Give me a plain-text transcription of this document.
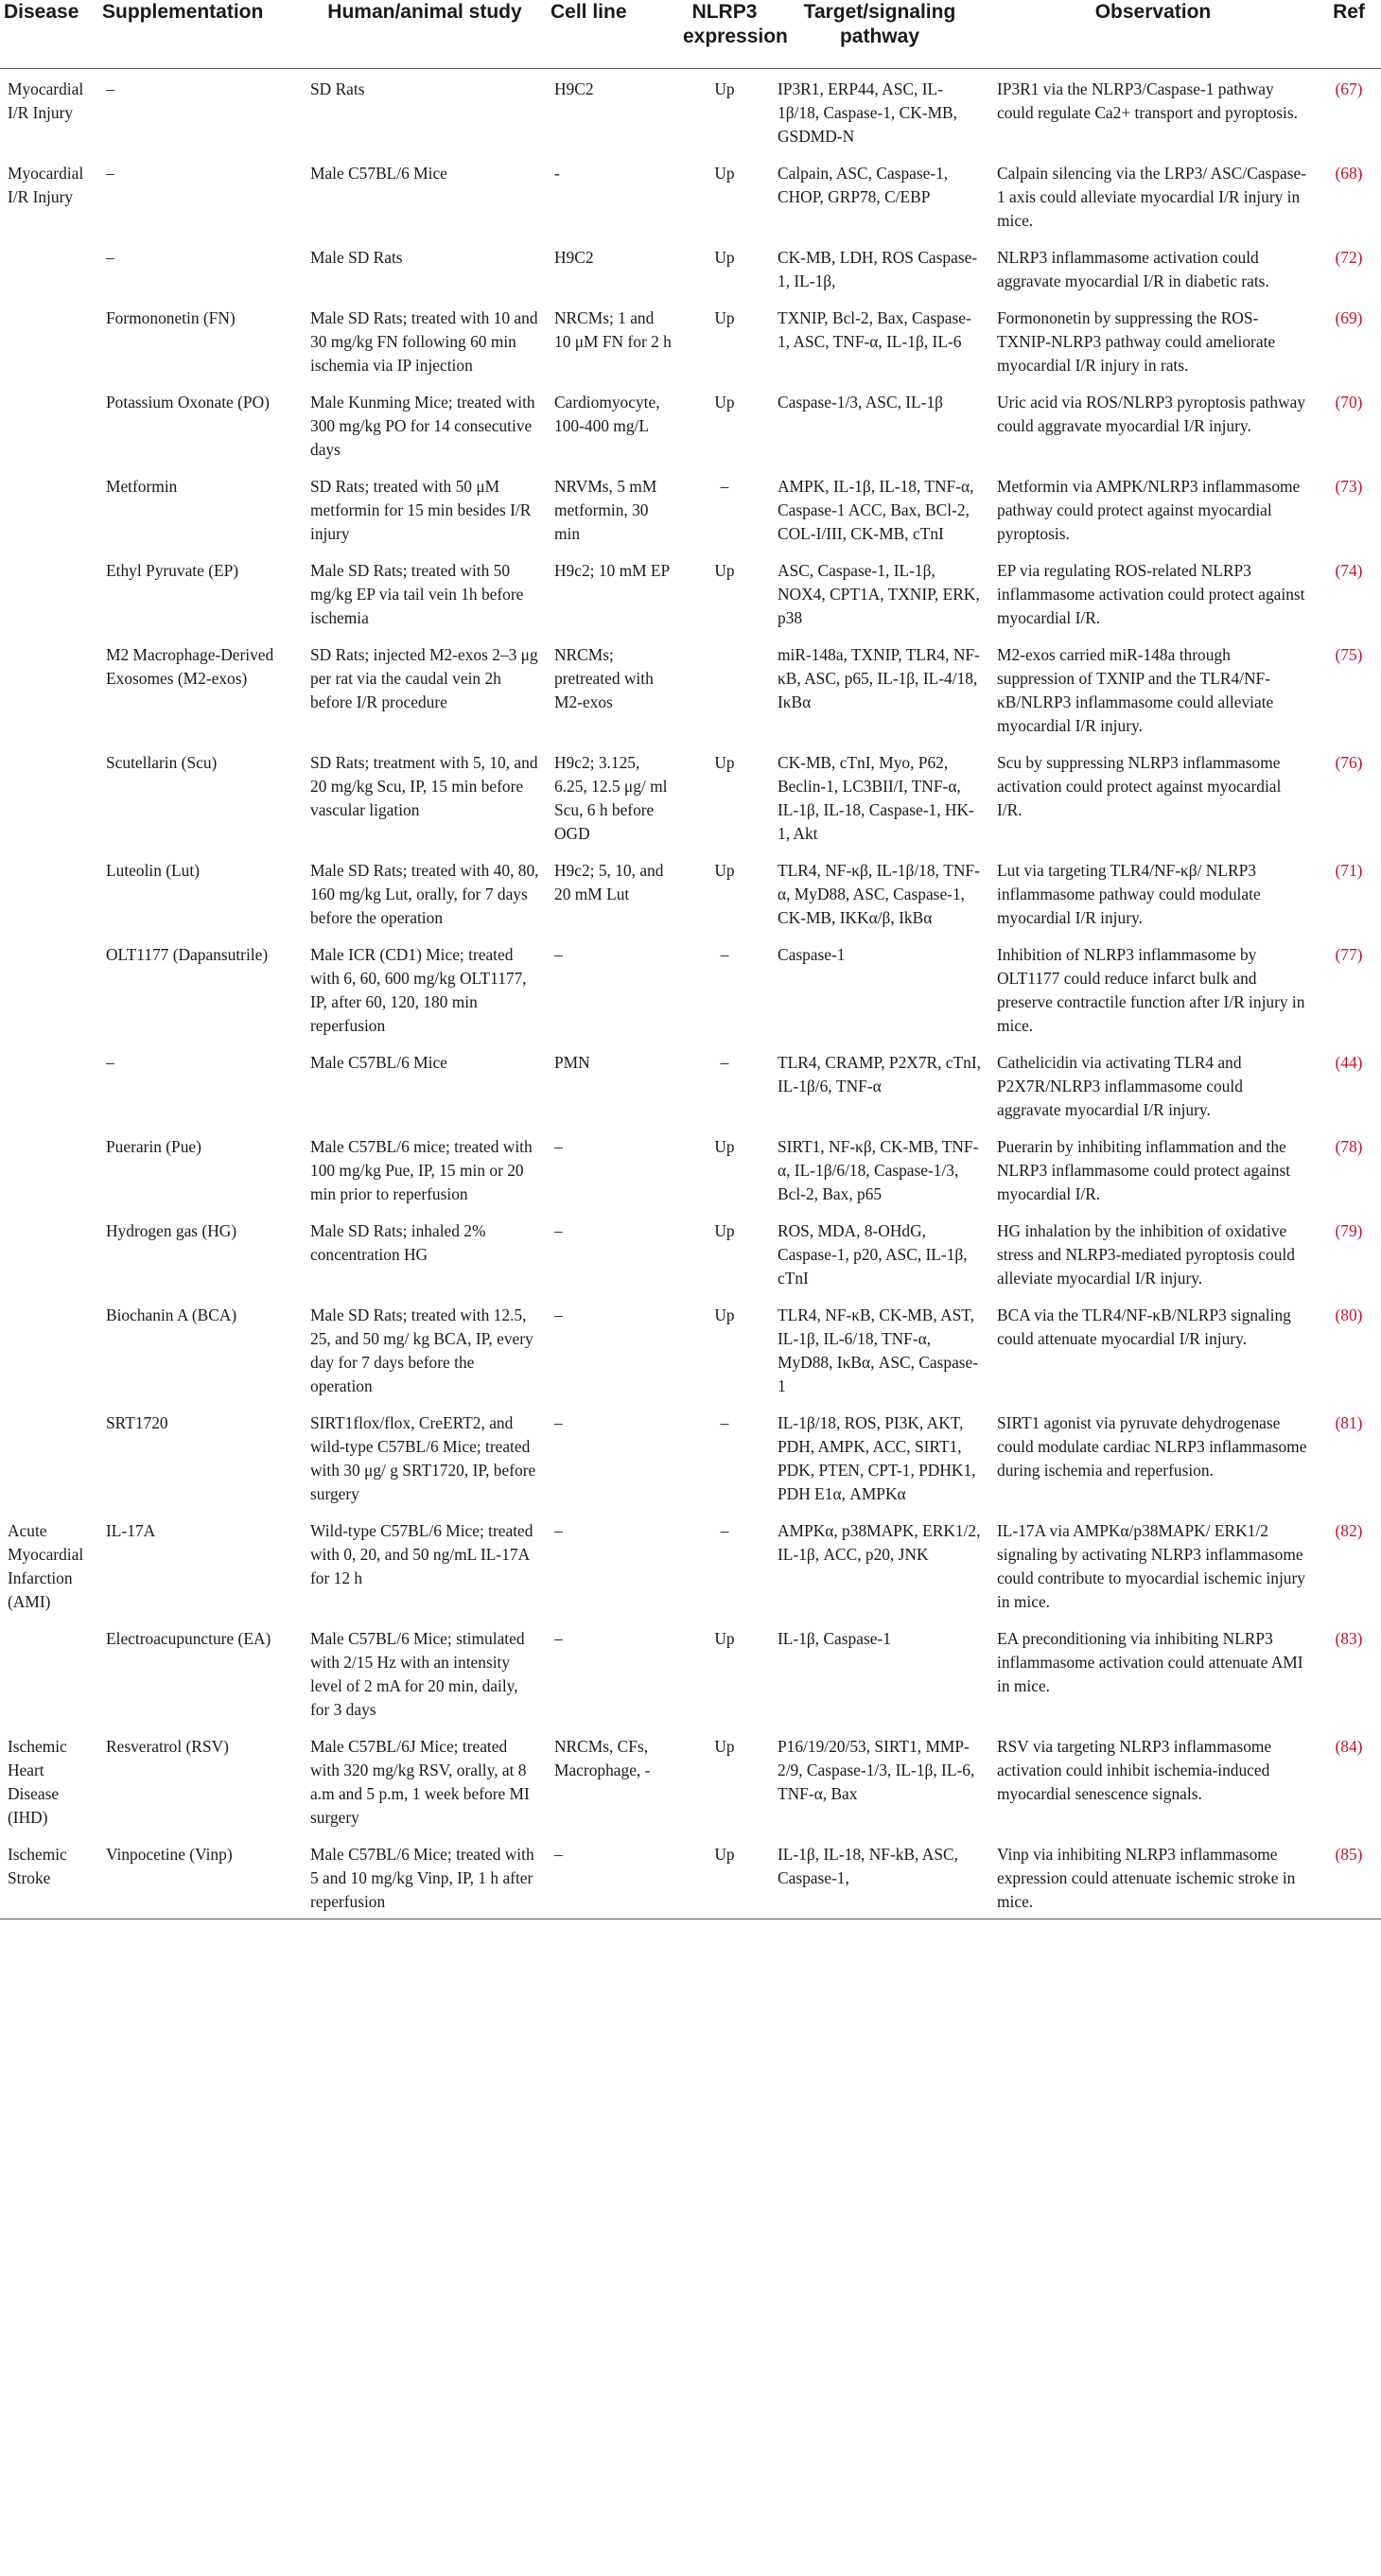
Disease	Supplementation	Human/animal study	Cell line	NLRP3 expression	Target/signaling pathway	Observation	Ref
Myocardial I/R Injury	–	SD Rats	H9C2	Up	IP3R1, ERP44, ASC, IL-1β/18, Caspase-1, CK-MB, GSDMD-N	IP3R1 via the NLRP3/Caspase-1 pathway could regulate Ca2+ transport and pyroptosis.	(67)
Myocardial I/R Injury	–	Male C57BL/6 Mice	-	Up	Calpain, ASC, Caspase-1, CHOP, GRP78, C/EBP	Calpain silencing via the LRP3/ ASC/Caspase-1 axis could alleviate myocardial I/R injury in mice.	(68)
	–	Male SD Rats	H9C2	Up	CK-MB, LDH, ROS Caspase-1, IL-1β,	NLRP3 inflammasome activation could aggravate myocardial I/R in diabetic rats.	(72)
	Formononetin (FN)	Male SD Rats; treated with 10 and 30 mg/kg FN following 60 min ischemia via IP injection	NRCMs; 1 and 10 μM FN for 2 h	Up	TXNIP, Bcl-2, Bax, Caspase-1, ASC, TNF-α, IL-1β, IL-6	Formononetin by suppressing the ROS-TXNIP-NLRP3 pathway could ameliorate myocardial I/R injury in rats.	(69)
	Potassium Oxonate (PO)	Male Kunming Mice; treated with 300 mg/kg PO for 14 consecutive days	Cardiomyocyte, 100-400 mg/L	Up	Caspase-1/3, ASC, IL-1β	Uric acid via ROS/NLRP3 pyroptosis pathway could aggravate myocardial I/R injury.	(70)
	Metformin	SD Rats; treated with 50 μM metformin for 15 min besides I/R injury	NRVMs, 5 mM metformin, 30 min	–	AMPK, IL-1β, IL-18, TNF-α, Caspase-1 ACC, Bax, BCl-2, COL-I/III, CK-MB, cTnI	Metformin via AMPK/NLRP3 inflammasome pathway could protect against myocardial pyroptosis.	(73)
	Ethyl Pyruvate (EP)	Male SD Rats; treated with 50 mg/kg EP via tail vein 1h before ischemia	H9c2; 10 mM EP	Up	ASC, Caspase-1, IL-1β, NOX4, CPT1A, TXNIP, ERK, p38	EP via regulating ROS-related NLRP3 inflammasome activation could protect against myocardial I/R.	(74)
	M2 Macrophage-Derived Exosomes (M2-exos)	SD Rats; injected M2-exos 2–3 μg per rat via the caudal vein 2h before I/R procedure	NRCMs; pretreated with M2-exos		miR-148a, TXNIP, TLR4, NF-κB, ASC, p65, IL-1β, IL-4/18, IκBα	M2-exos carried miR-148a through suppression of TXNIP and the TLR4/NF-κB/NLRP3 inflammasome could alleviate myocardial I/R injury.	(75)
	Scutellarin (Scu)	SD Rats; treatment with 5, 10, and 20 mg/kg Scu, IP, 15 min before vascular ligation	H9c2; 3.125, 6.25, 12.5 μg/ ml Scu, 6 h before OGD	Up	CK-MB, cTnI, Myo, P62, Beclin-1, LC3BII/I, TNF-α, IL-1β, IL-18, Caspase-1, HK-1, Akt	Scu by suppressing NLRP3 inflammasome activation could protect against myocardial I/R.	(76)
	Luteolin (Lut)	Male SD Rats; treated with 40, 80, 160 mg/kg Lut, orally, for 7 days before the operation	H9c2; 5, 10, and 20 mM Lut	Up	TLR4, NF-κβ, IL-1β/18, TNF-α, MyD88, ASC, Caspase-1, CK-MB, IKKα/β, IkBα	Lut via targeting TLR4/NF-κβ/ NLRP3 inflammasome pathway could modulate myocardial I/R injury.	(71)
	OLT1177 (Dapansutrile)	Male ICR (CD1) Mice; treated with 6, 60, 600 mg/kg OLT1177, IP, after 60, 120, 180 min reperfusion	–	–	Caspase-1	Inhibition of NLRP3 inflammasome by OLT1177 could reduce infarct bulk and preserve contractile function after I/R injury in mice.	(77)
	–	Male C57BL/6 Mice	PMN	–	TLR4, CRAMP, P2X7R, cTnI, IL-1β/6, TNF-α	Cathelicidin via activating TLR4 and P2X7R/NLRP3 inflammasome could aggravate myocardial I/R injury.	(44)
	Puerarin (Pue)	Male C57BL/6 mice; treated with 100 mg/kg Pue, IP, 15 min or 20 min prior to reperfusion	–	Up	SIRT1, NF-κβ, CK-MB, TNF-α, IL-1β/6/18, Caspase-1/3, Bcl-2, Bax, p65	Puerarin by inhibiting inflammation and the NLRP3 inflammasome could protect against myocardial I/R.	(78)
	Hydrogen gas (HG)	Male SD Rats; inhaled 2% concentration HG	–	Up	ROS, MDA, 8-OHdG, Caspase-1, p20, ASC, IL-1β, cTnI	HG inhalation by the inhibition of oxidative stress and NLRP3-mediated pyroptosis could alleviate myocardial I/R injury.	(79)
	Biochanin A (BCA)	Male SD Rats; treated with 12.5, 25, and 50 mg/ kg BCA, IP, every day for 7 days before the operation	–	Up	TLR4, NF-κB, CK-MB, AST, IL-1β, IL-6/18, TNF-α, MyD88, IκBα, ASC, Caspase-1	BCA via the TLR4/NF-κB/NLRP3 signaling could attenuate myocardial I/R injury.	(80)
	SRT1720	SIRT1flox/flox, CreERT2, and wild-type C57BL/6 Mice; treated with 30 μg/ g SRT1720, IP, before surgery	–	–	IL-1β/18, ROS, PI3K, AKT, PDH, AMPK, ACC, SIRT1, PDK, PTEN, CPT-1, PDHK1, PDH E1α, AMPKα	SIRT1 agonist via pyruvate dehydrogenase could modulate cardiac NLRP3 inflammasome during ischemia and reperfusion.	(81)
Acute Myocardial Infarction (AMI)	IL-17A	Wild-type C57BL/6 Mice; treated with 0, 20, and 50 ng/mL IL-17A for 12 h	–	–	AMPKα, p38MAPK, ERK1/2, IL-1β, ACC, p20, JNK	IL-17A via AMPKα/p38MAPK/ ERK1/2 signaling by activating NLRP3 inflammasome could contribute to myocardial ischemic injury in mice.	(82)
	Electroacupuncture (EA)	Male C57BL/6 Mice; stimulated with 2/15 Hz with an intensity level of 2 mA for 20 min, daily, for 3 days	–	Up	IL-1β, Caspase-1	EA preconditioning via inhibiting NLRP3 inflammasome activation could attenuate AMI in mice.	(83)
Ischemic Heart Disease (IHD)	Resveratrol (RSV)	Male C57BL/6J Mice; treated with 320 mg/kg RSV, orally, at 8 a.m and 5 p.m, 1 week before MI surgery	NRCMs, CFs, Macrophage, -	Up	P16/19/20/53, SIRT1, MMP-2/9, Caspase-1/3, IL-1β, IL-6, TNF-α, Bax	RSV via targeting NLRP3 inflammasome activation could inhibit ischemia-induced myocardial senescence signals.	(84)
Ischemic Stroke	Vinpocetine (Vinp)	Male C57BL/6 Mice; treated with 5 and 10 mg/kg Vinp, IP, 1 h after reperfusion	–	Up	IL-1β, IL-18, NF-kB, ASC, Caspase-1,	Vinp via inhibiting NLRP3 inflammasome expression could attenuate ischemic stroke in mice.	(85)
